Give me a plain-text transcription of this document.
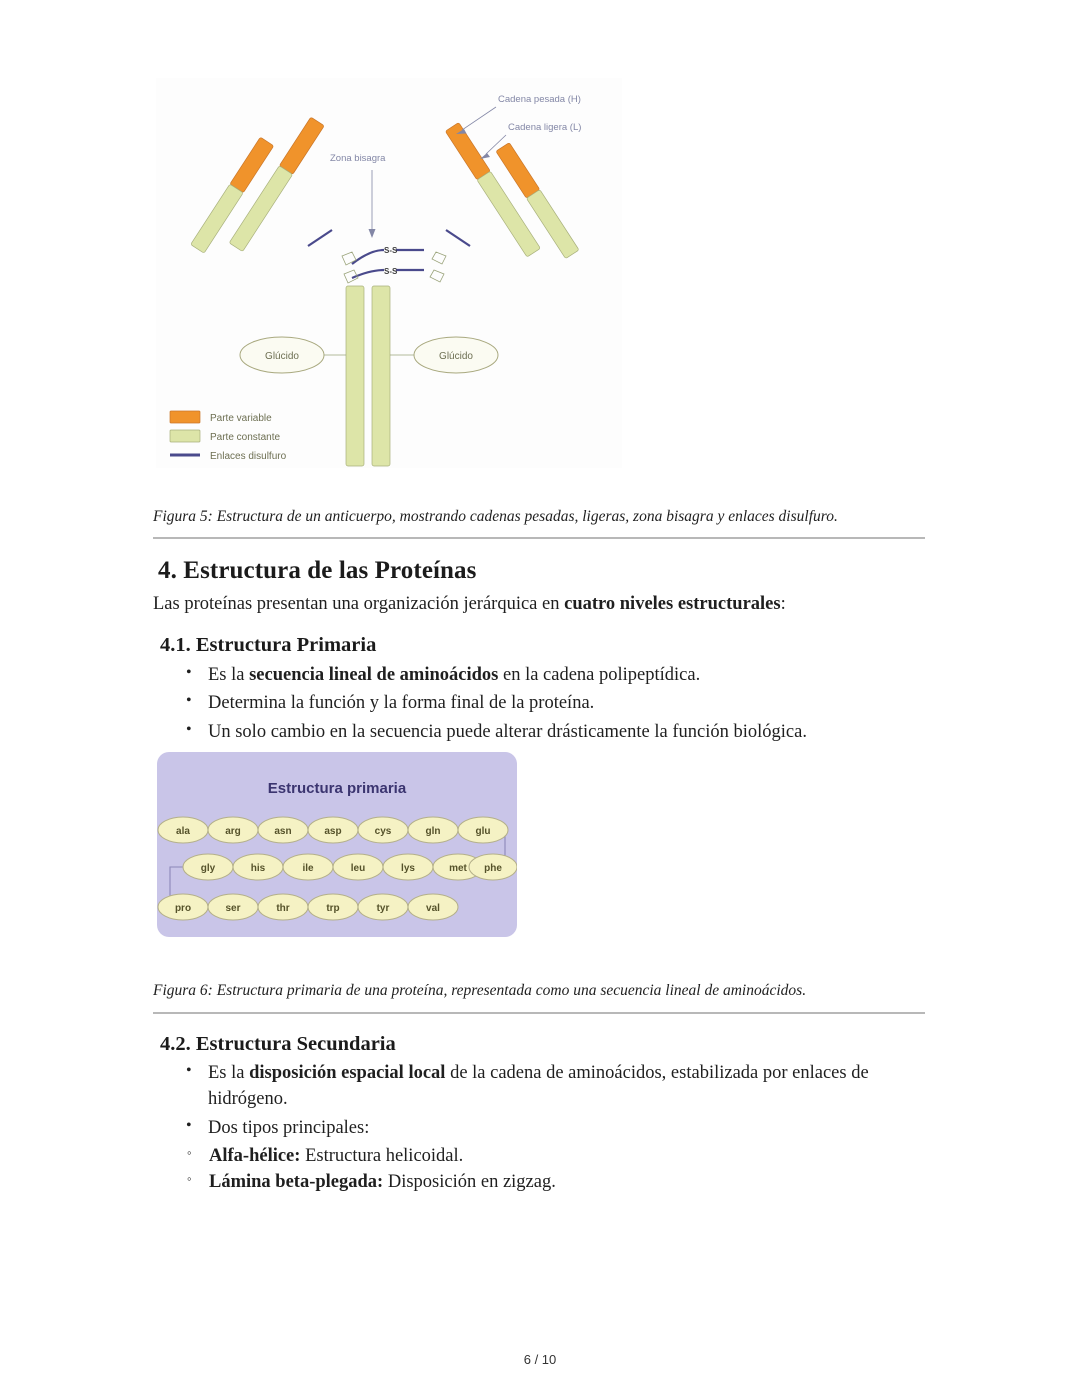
S-S
S-S
Glúcido	Glúcido
Zona bisagra
Cadena pesada (H)
Cadena ligera (L)
Parte variable
Parte constante
Enlaces disulfuro
Figura 5: Estructura de un anticuerpo, mostrando cadenas pesadas, ligeras, zona bisagra y enlaces disulfuro.
4. Estructura de las Proteínas

Las proteínas presentan una organización jerárquica en cuatro niveles estructurales:

4.1. Estructura Primaria
• Es la secuencia lineal de aminoácidos en la cadena polipeptídica.
• Determina la función y la forma final de la proteína.
• Un solo cambio en la secuencia puede alterar drásticamente la función biológica.
Estructura primaria
ala	arg	asn	asp	cys	gln	glu
gly	his	ile	leu	lys	met phe
pro	ser	thr	trp	tyr	val
Figura 6: Estructura primaria de una proteína, representada como una secuencia lineal de aminoácidos.
4.2. Estructura Secundaria
• Es la disposición espacial local de la cadena de aminoácidos, estabilizada por enlaces de hidrógeno.
• Dos tipos principales:
◦ Alfa-hélice: Estructura helicoidal.
◦ Lámina beta-plegada: Disposición en zigzag.
6 / 10
